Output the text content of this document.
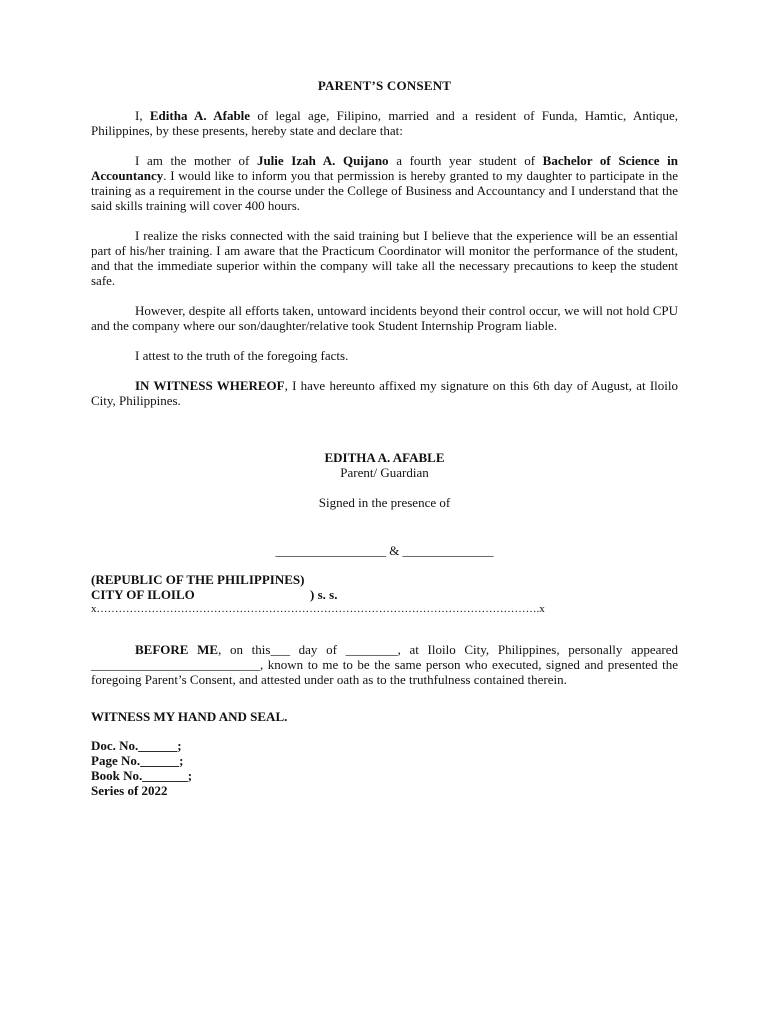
PARENT’S CONSENT

I, Editha A. Afable of legal age, Filipino, married and a resident of Funda, Hamtic, Antique, Philippines, by these presents, hereby state and declare that:

I am the mother of Julie Izah A. Quijano a fourth year student of Bachelor of Science in Accountancy. I would like to inform you that permission is hereby granted to my daughter to participate in the training as a requirement in the course under the College of Business and Accountancy and I understand that the said skills training will cover 400 hours.

I realize the risks connected with the said training but I believe that the experience will be an essential part of his/her training. I am aware that the Practicum Coordinator will monitor the performance of the student, and that the immediate superior within the company will take all the necessary precautions to keep the student safe.

However, despite all efforts taken, untoward incidents beyond their control occur, we will not hold CPU and the company where our son/daughter/relative took Student Internship Program liable.

I attest to the truth of the foregoing facts.

IN WITNESS WHEREOF, I have hereunto affixed my signature on this 6th day of August, at Iloilo City, Philippines.

EDITHA A. AFABLE

Parent/ Guardian

Signed in the presence of

_________________ & ______________

(REPUBLIC OF THE PHILIPPINES)

CITY OF ILOILO	) s. s.

x………………………………………………………………………………………………………….x

BEFORE ME, on this___ day of ________, at Iloilo City, Philippines, personally appeared __________________________, known to me to be the same person who executed, signed and presented the foregoing Parent’s Consent, and attested under oath as to the truthfulness contained therein.

WITNESS MY HAND AND SEAL.

Doc. No.______;

Page No.______;

Book No._______;

Series of 2022
